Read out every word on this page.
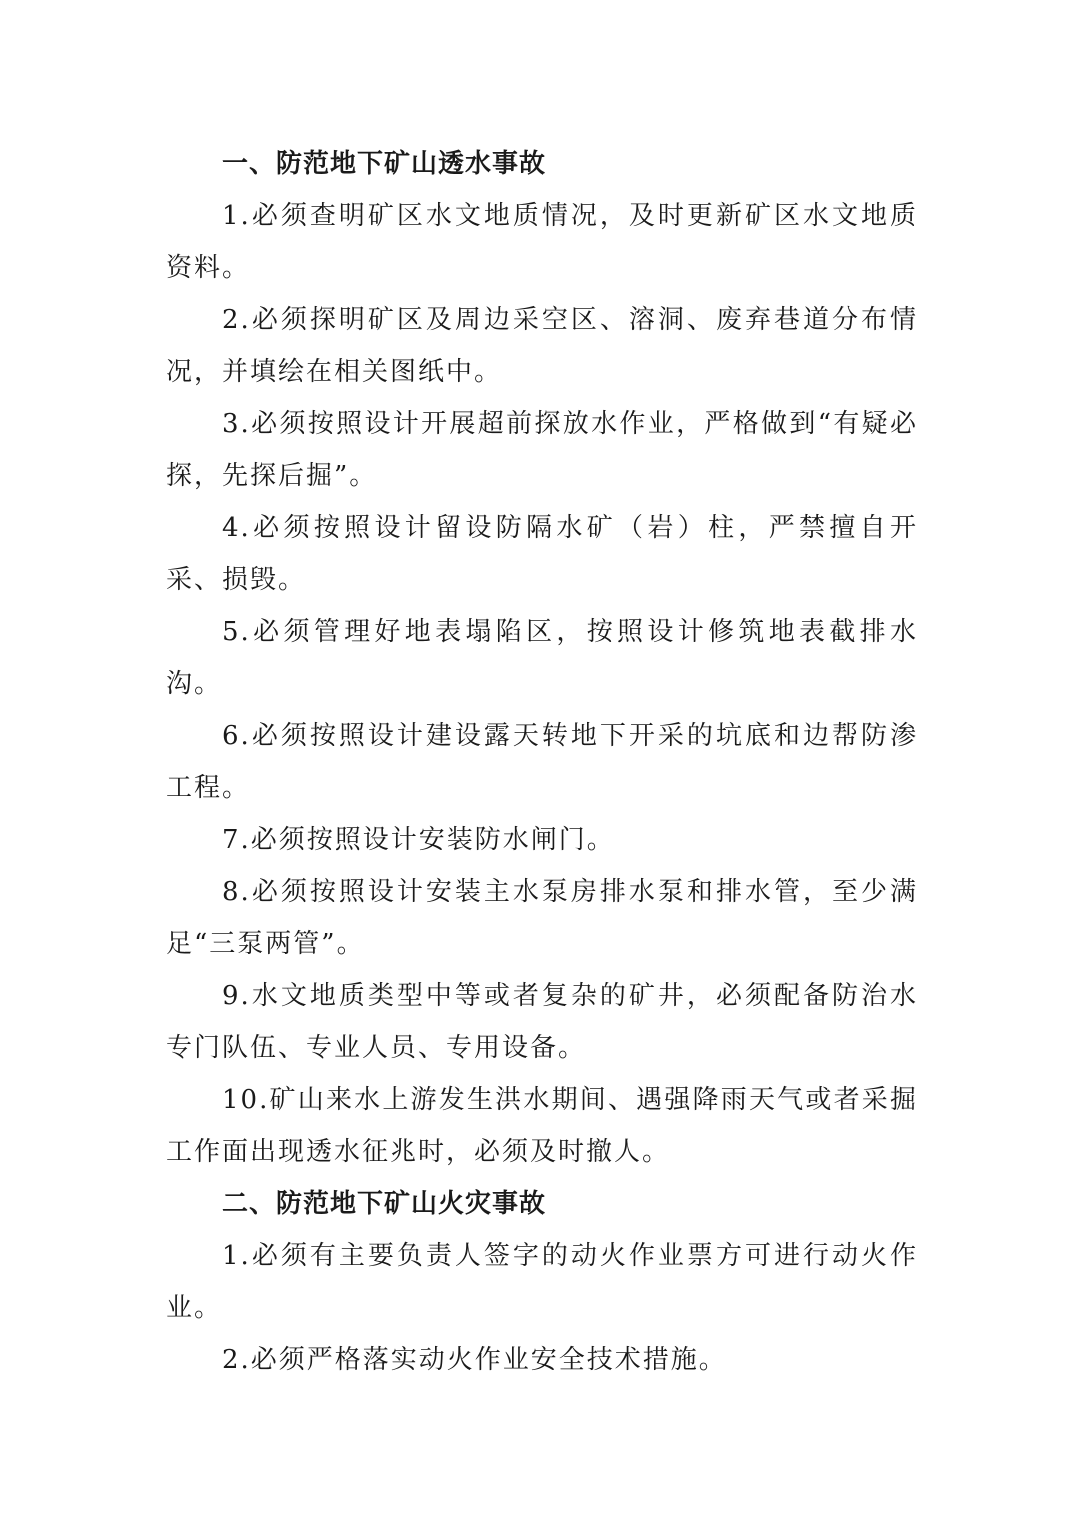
一、防范地下矿山透水事故

1.必须查明矿区水文地质情况，及时更新矿区水文地质资料。

2.必须探明矿区及周边采空区、溶洞、废弃巷道分布情况，并填绘在相关图纸中。

3.必须按照设计开展超前探放水作业，严格做到“有疑必探，先探后掘”。

4.必须按照设计留设防隔水矿（岩）柱，严禁擅自开采、损毁。

5.必须管理好地表塌陷区，按照设计修筑地表截排水沟。

6.必须按照设计建设露天转地下开采的坑底和边帮防渗工程。

7.必须按照设计安装防水闸门。

8.必须按照设计安装主水泵房排水泵和排水管，至少满足“三泵两管”。

9.水文地质类型中等或者复杂的矿井，必须配备防治水专门队伍、专业人员、专用设备。

10.矿山来水上游发生洪水期间、遇强降雨天气或者采掘工作面出现透水征兆时，必须及时撤人。

二、防范地下矿山火灾事故

1.必须有主要负责人签字的动火作业票方可进行动火作业。

2.必须严格落实动火作业安全技术措施。
